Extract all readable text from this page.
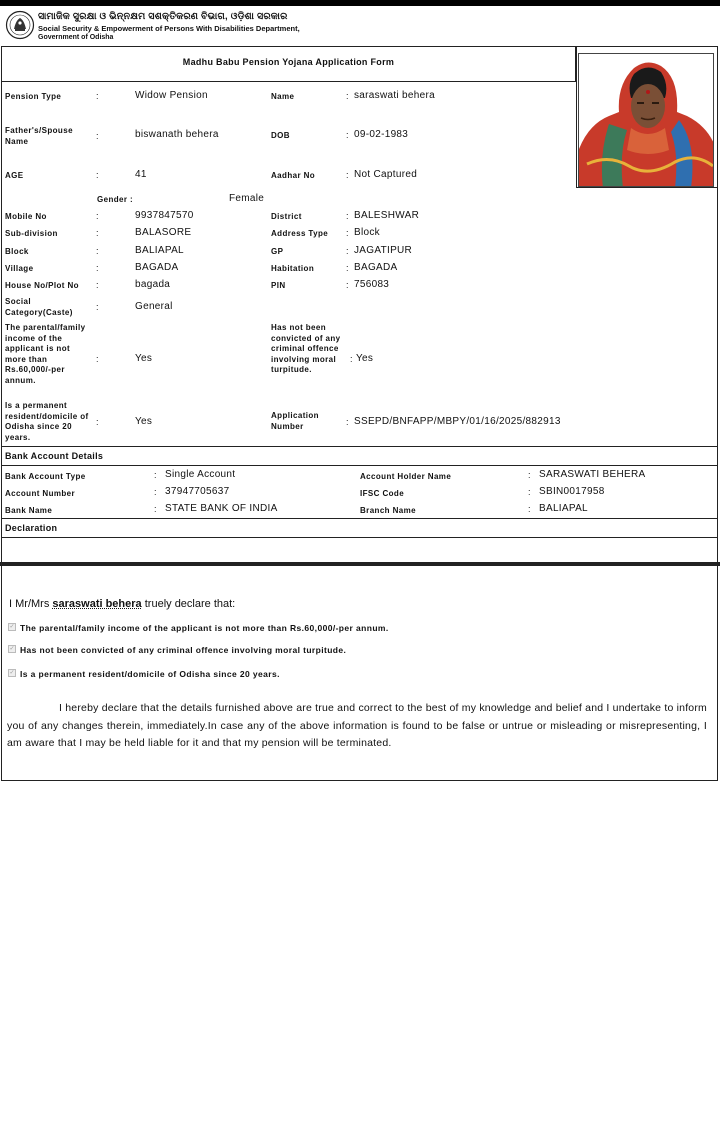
ସାମାଜିକ ସୁରକ୍ଷା ଓ ଭିନ୍ନକ୍ଷମ ସଶକ୍ତିକରଣ ବିଭାଗ, ଓଡ଼ିଶା ସରକାର
Social Security & Empowerment of Persons With Disabilities Department,
Government of Odisha
Madhu Babu Pension Yojana Application Form
Pension Type	:	Widow Pension	Name	: saraswati behera
Father's/Spouse Name	:	biswanath behera	DOB	: 09-02-1983
AGE	:	41	Aadhar No	: Not Captured
Gender :	Female
Mobile No	:	9937847570	District	: BALESHWAR
Sub-division	:	BALASORE	Address Type : Block
Block	:	BALIAPAL	GP	: JAGATIPUR
Village	:	BAGADA	Habitation	: BAGADA
House No/Plot No :	bagada	PIN	: 756083
Social Category(Caste)	:	General
The parental/family income of the applicant is not more than Rs.60,000/-per annum.
:	Yes
Has not been convicted of any criminal offence involving moral turpitude.
: Yes
Is a permanent resident/domicile of Odisha since 20 years.
:	Yes
Application Number	: SSEPD/BNFAPP/MBPY/01/16/2025/882913
Bank Account Details
Bank Account Type	: Single Account	Account Holder Name	: SARASWATI BEHERA
Account Number	: 37947705637	IFSC Code	: SBIN0017958
Bank Name	: STATE BANK OF INDIA	Branch Name	: BALIAPAL
Declaration
I Mr/Mrs saraswati behera truely declare that:
✓ The parental/family income of the applicant is not more than Rs.60,000/-per annum.
✓ Has not been convicted of any criminal offence involving moral turpitude.
✓ Is a permanent resident/domicile of Odisha since 20 years.
I hereby declare that the details furnished above are true and correct to the best of my knowledge and belief and I undertake to inform you of any changes therein, immediately.In case any of the above information is found to be false or untrue or misleading or misrepresenting, I am aware that I may be held liable for it and that my pension will be terminated.
